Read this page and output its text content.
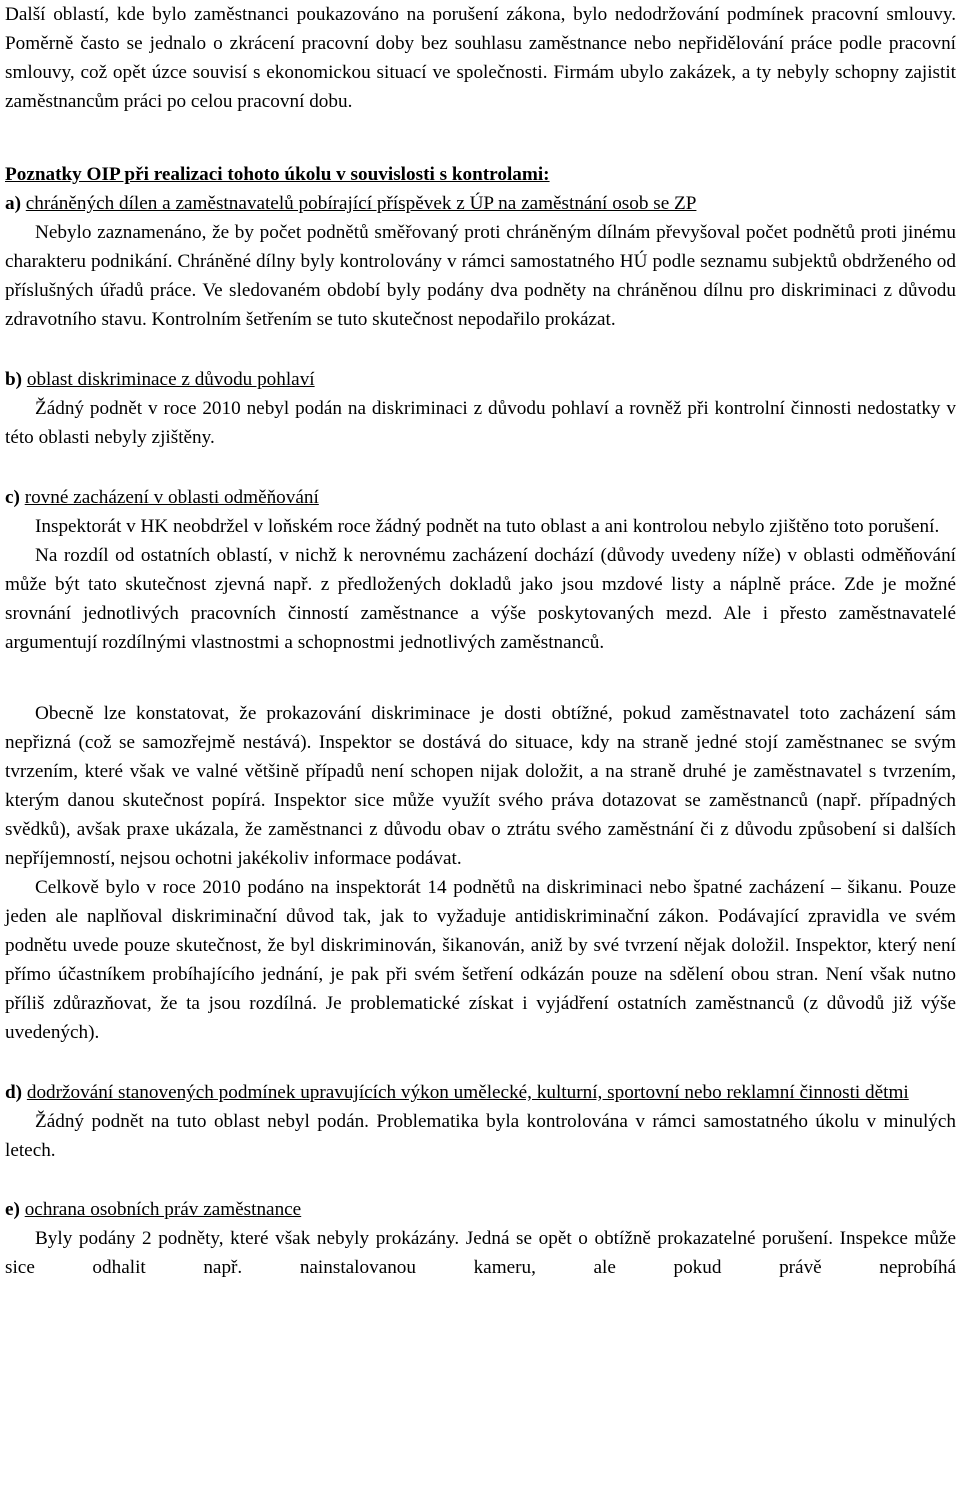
Další oblastí, kde bylo zaměstnanci poukazováno na porušení zákona, bylo nedodržování podmínek pracovní smlouvy. Poměrně často se jednalo o zkrácení pracovní doby bez souhlasu zaměstnance nebo nepřidělování práce podle pracovní smlouvy, což opět úzce souvisí s ekonomickou situací ve společnosti. Firmám ubylo zakázek, a ty nebyly schopny zajistit zaměstnancům práci po celou pracovní dobu.

Poznatky OIP při realizaci tohoto úkolu v souvislosti s kontrolami:

a) chráněných dílen a zaměstnavatelů pobírající příspěvek z ÚP na zaměstnání osob se ZP

Nebylo zaznamenáno, že by počet podnětů směřovaný proti chráněným dílnám převyšoval počet podnětů proti jinému charakteru podnikání. Chráněné dílny byly kontrolovány v rámci samostatného HÚ podle seznamu subjektů obdrženého od příslušných úřadů práce. Ve sledovaném období byly podány dva podněty na chráněnou dílnu pro diskriminaci z důvodu zdravotního stavu. Kontrolním šetřením se tuto skutečnost nepodařilo prokázat.

b) oblast diskriminace z důvodu pohlaví

Žádný podnět v roce 2010 nebyl podán na diskriminaci z důvodu pohlaví a rovněž při kontrolní činnosti nedostatky v této oblasti nebyly zjištěny.

c) rovné zacházení v oblasti odměňování

Inspektorát v HK neobdržel v loňském roce žádný podnět na tuto oblast a ani kontrolou nebylo zjištěno toto porušení.

Na rozdíl od ostatních oblastí, v nichž k nerovnému zacházení dochází (důvody uvedeny níže) v oblasti odměňování může být tato skutečnost zjevná např. z předložených dokladů jako jsou mzdové listy a náplně práce. Zde je možné srovnání jednotlivých pracovních činností zaměstnance a výše poskytovaných mezd. Ale i přesto zaměstnavatelé argumentují rozdílnými vlastnostmi a schopnostmi jednotlivých zaměstnanců.

Obecně lze konstatovat, že prokazování diskriminace je dosti obtížné, pokud zaměstnavatel toto zacházení sám nepřizná (což se samozřejmě nestává). Inspektor se dostává do situace, kdy na straně jedné stojí zaměstnanec se svým tvrzením, které však ve valné většině případů není schopen nijak doložit, a na straně druhé je zaměstnavatel s tvrzením, kterým danou skutečnost popírá. Inspektor sice může využít svého práva dotazovat se zaměstnanců (např. případných svědků), avšak praxe ukázala, že zaměstnanci z důvodu obav o ztrátu svého zaměstnání či z důvodu způsobení si dalších nepříjemností, nejsou ochotni jakékoliv informace podávat.

Celkově bylo v roce 2010 podáno na inspektorát 14 podnětů na diskriminaci nebo špatné zacházení – šikanu. Pouze jeden ale naplňoval diskriminační důvod tak, jak to vyžaduje antidiskriminační zákon. Podávající zpravidla ve svém podnětu uvede pouze skutečnost, že byl diskriminován, šikanován, aniž by své tvrzení nějak doložil. Inspektor, který není přímo účastníkem probíhajícího jednání, je pak při svém šetření odkázán pouze na sdělení obou stran. Není však nutno příliš zdůrazňovat, že ta jsou rozdílná. Je problematické získat i vyjádření ostatních zaměstnanců (z důvodů již výše uvedených).

d) dodržování stanovených podmínek upravujících výkon umělecké, kulturní, sportovní nebo reklamní činnosti dětmi

Žádný podnět na tuto oblast nebyl podán. Problematika byla kontrolována v rámci samostatného úkolu v minulých letech.

e) ochrana osobních práv zaměstnance

Byly podány 2 podněty, které však nebyly prokázány. Jedná se opět o obtížně prokazatelné porušení. Inspekce může sice odhalit např. nainstalovanou kameru, ale pokud právě neprobíhá
